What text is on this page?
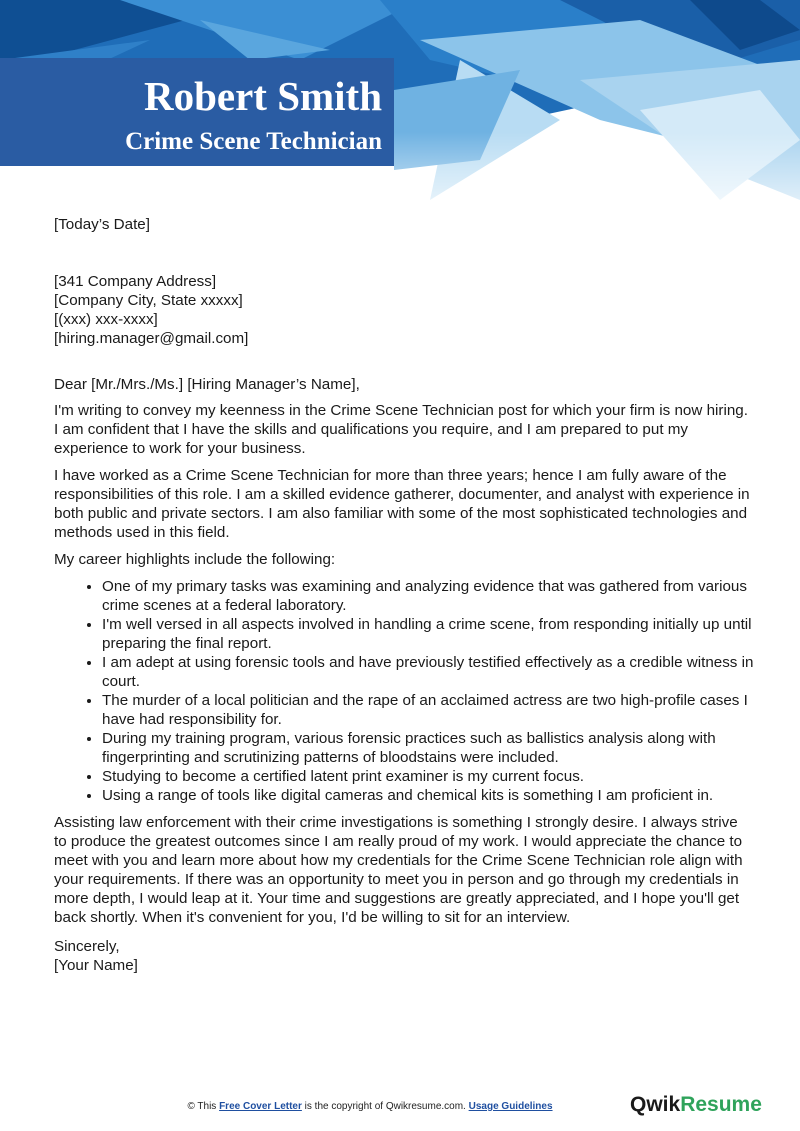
Robert Smith
Crime Scene Technician

[Today’s Date]

[341 Company Address]

[Company City, State xxxxx]

[(xxx) xxx-xxxx]

[hiring.manager@gmail.com]

Dear [Mr./Mrs./Ms.] [Hiring Manager’s Name],

I'm writing to convey my keenness in the Crime Scene Technician post for which your firm is now hiring. I am confident that I have the skills and qualifications you require, and I am prepared to put my experience to work for your business.

I have worked as a Crime Scene Technician for more than three years; hence I am fully aware of the responsibilities of this role. I am a skilled evidence gatherer, documenter, and analyst with experience in both public and private sectors. I am also familiar with some of the most sophisticated technologies and methods used in this field.

My career highlights include the following:

• One of my primary tasks was examining and analyzing evidence that was gathered from various crime scenes at a federal laboratory.
• I'm well versed in all aspects involved in handling a crime scene, from responding initially up until preparing the final report.
• I am adept at using forensic tools and have previously testified effectively as a credible witness in court.
• The murder of a local politician and the rape of an acclaimed actress are two high-profile cases I have had responsibility for.
• During my training program, various forensic practices such as ballistics analysis along with fingerprinting and scrutinizing patterns of bloodstains were included.
• Studying to become a certified latent print examiner is my current focus.
• Using a range of tools like digital cameras and chemical kits is something I am proficient in.

Assisting law enforcement with their crime investigations is something I strongly desire. I always strive to produce the greatest outcomes since I am really proud of my work. I would appreciate the chance to meet with you and learn more about how my credentials for the Crime Scene Technician role align with your requirements. If there was an opportunity to meet you in person and go through my credentials in more depth, I would leap at it. Your time and suggestions are greatly appreciated, and I hope you'll get back shortly. When it's convenient for you, I'd be willing to sit for an interview.

Sincerely,

[Your Name]

© This Free Cover Letter is the copyright of Qwikresume.com. Usage Guidelines	QwikResume
